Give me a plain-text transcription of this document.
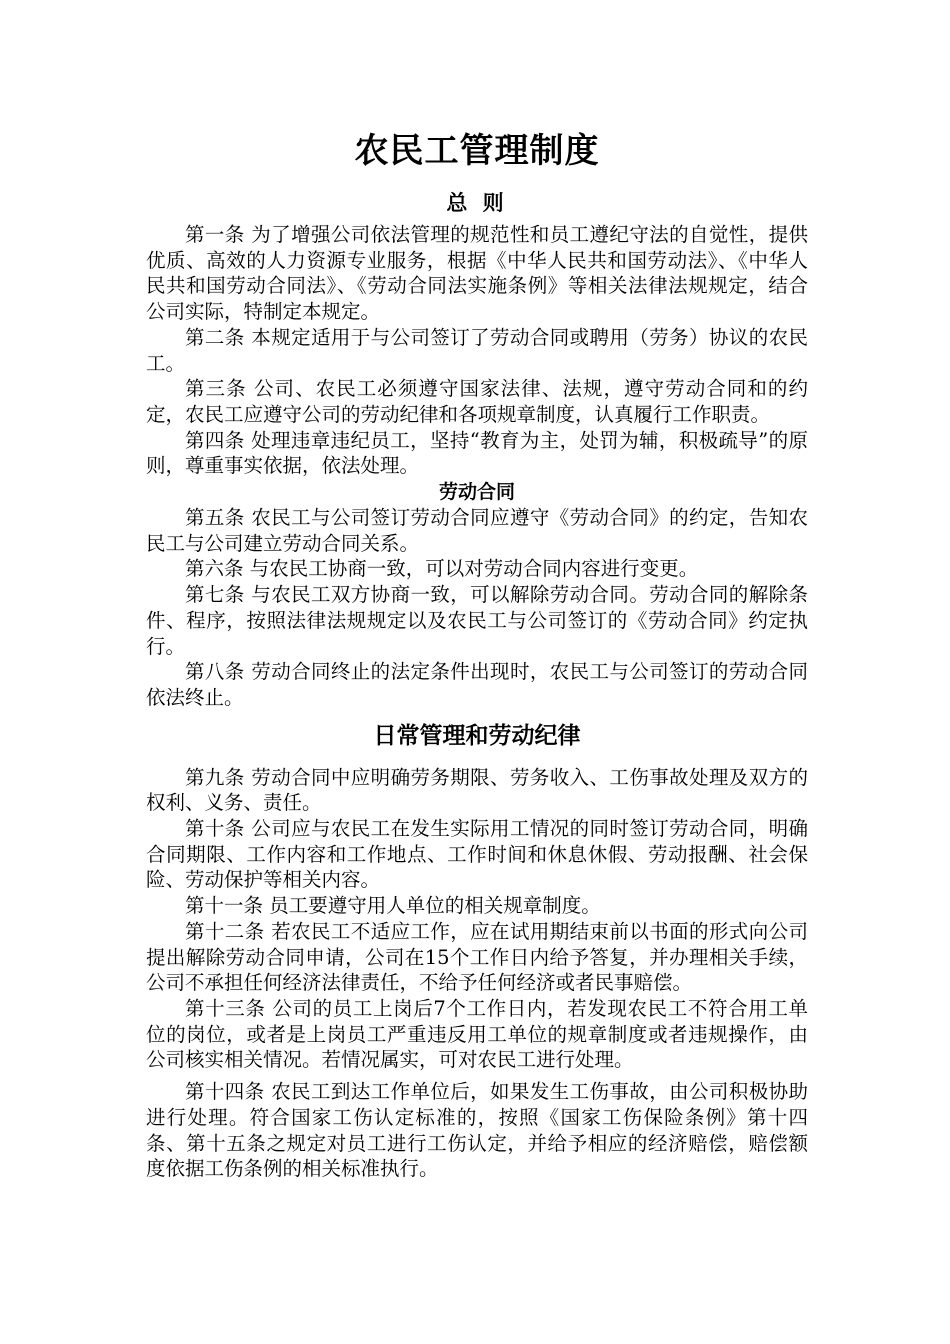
农民工管理制度
总 则

第一条 为了增强公司依法管理的规范性和员工遵纪守法的自觉性，提供优质、高效的人力资源专业服务，根据《中华人民共和国劳动法》、《中华人民共和国劳动合同法》、《劳动合同法实施条例》等相关法律法规规定，结合公司实际，特制定本规定。

第二条 本规定适用于与公司签订了劳动合同或聘用（劳务）协议的农民工。

第三条 公司、农民工必须遵守国家法律、法规，遵守劳动合同和的约定，农民工应遵守公司的劳动纪律和各项规章制度，认真履行工作职责。

第四条 处理违章违纪员工，坚持“教育为主，处罚为辅，积极疏导”的原则，尊重事实依据，依法处理。

劳动合同

第五条 农民工与公司签订劳动合同应遵守《劳动合同》的约定，告知农民工与公司建立劳动合同关系。

第六条 与农民工协商一致，可以对劳动合同内容进行变更。

第七条 与农民工双方协商一致，可以解除劳动合同。劳动合同的解除条件、程序，按照法律法规规定以及农民工与公司签订的《劳动合同》约定执行。

第八条 劳动合同终止的法定条件出现时，农民工与公司签订的劳动合同依法终止。

日常管理和劳动纪律

第九条 劳动合同中应明确劳务期限、劳务收入、工伤事故处理及双方的权利、义务、责任。

第十条 公司应与农民工在发生实际用工情况的同时签订劳动合同，明确合同期限、工作内容和工作地点、工作时间和休息休假、劳动报酬、社会保险、劳动保护等相关内容。

第十一条 员工要遵守用人单位的相关规章制度。

第十二条 若农民工不适应工作，应在试用期结束前以书面的形式向公司提出解除劳动合同申请，公司在15个工作日内给予答复，并办理相关手续，公司不承担任何经济法律责任，不给予任何经济或者民事赔偿。

第十三条 公司的员工上岗后7个工作日内，若发现农民工不符合用工单位的岗位，或者是上岗员工严重违反用工单位的规章制度或者违规操作，由公司核实相关情况。若情况属实，可对农民工进行处理。

第十四条 农民工到达工作单位后，如果发生工伤事故，由公司积极协助进行处理。符合国家工伤认定标准的，按照《国家工伤保险条例》第十四条、第十五条之规定对员工进行工伤认定，并给予相应的经济赔偿，赔偿额度依据工伤条例的相关标准执行。
